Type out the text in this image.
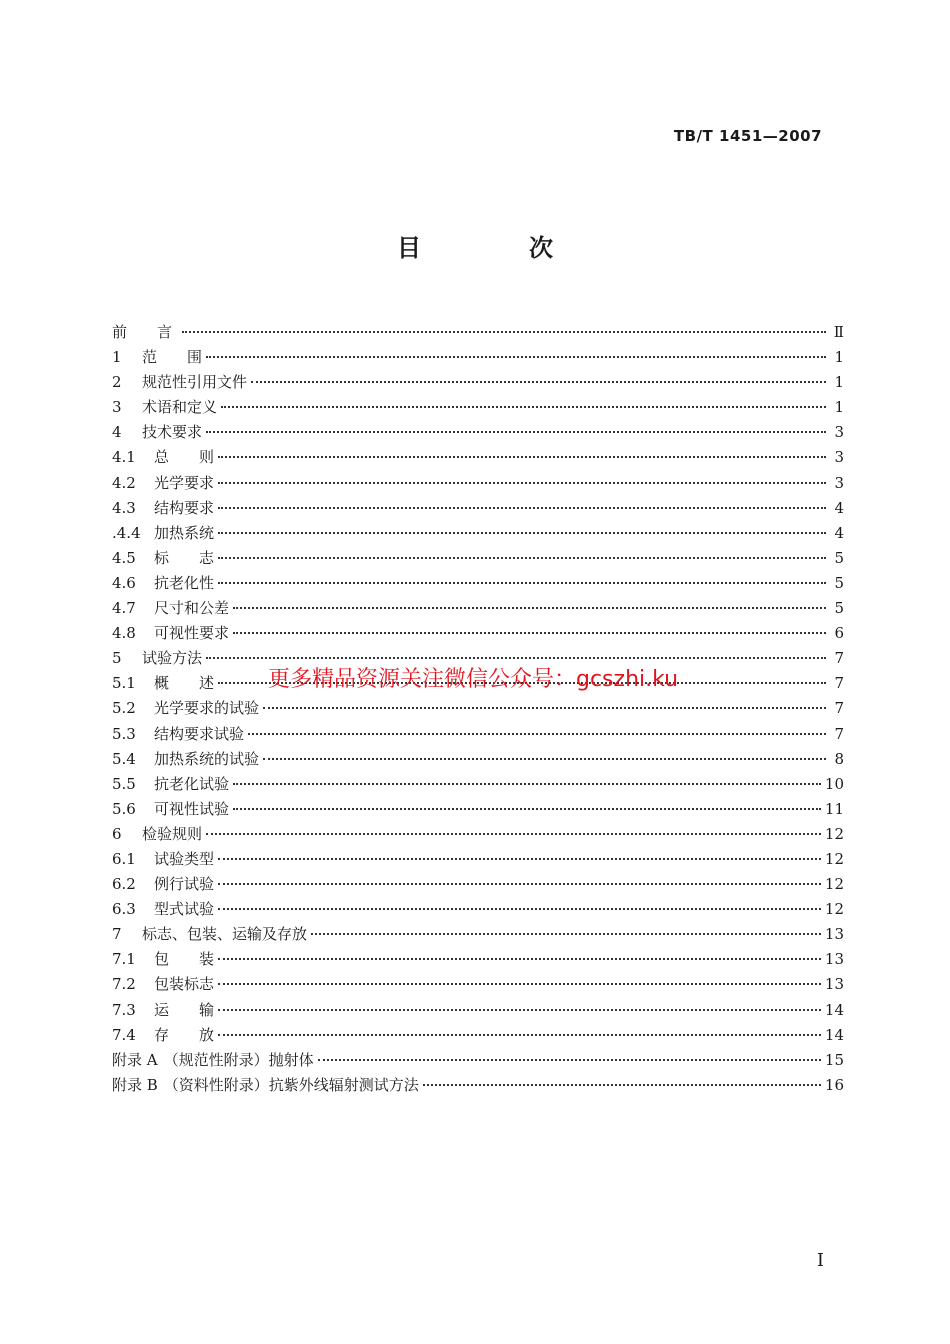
TB/T 1451—2007
目　次
前　　言	Ⅱ
1	范　　围	1
2	规范性引用文件	1
3	术语和定义	1
4	技术要求	3
4.1	总　　则	3
4.2	光学要求	3
4.3	结构要求	4
.4.4 加热系统	4
4.5	标　　志	5
4.6	抗老化性	5
4.7	尺寸和公差	5
4.8	可视性要求	6
5	试验方法	7
5.1	概　　述	7
5.2	光学要求的试验	7
5.3	结构要求试验	7
5.4	加热系统的试验	8
5.5	抗老化试验	10
5.6	可视性试验	11
6	检验规则	12
6.1	试验类型	12
6.2	例行试验	12
6.3	型式试验	12
7	标志、包装、运输及存放	13
7.1	包　　装	13
7.2	包装标志	13
7.3	运　　输	14
7.4	存　　放	14
附录 A （规范性附录）抛射体	15
附录 B （资料性附录）抗紫外线辐射测试方法	16
更多精品资源关注微信公众号：gcszhi.ku
I
